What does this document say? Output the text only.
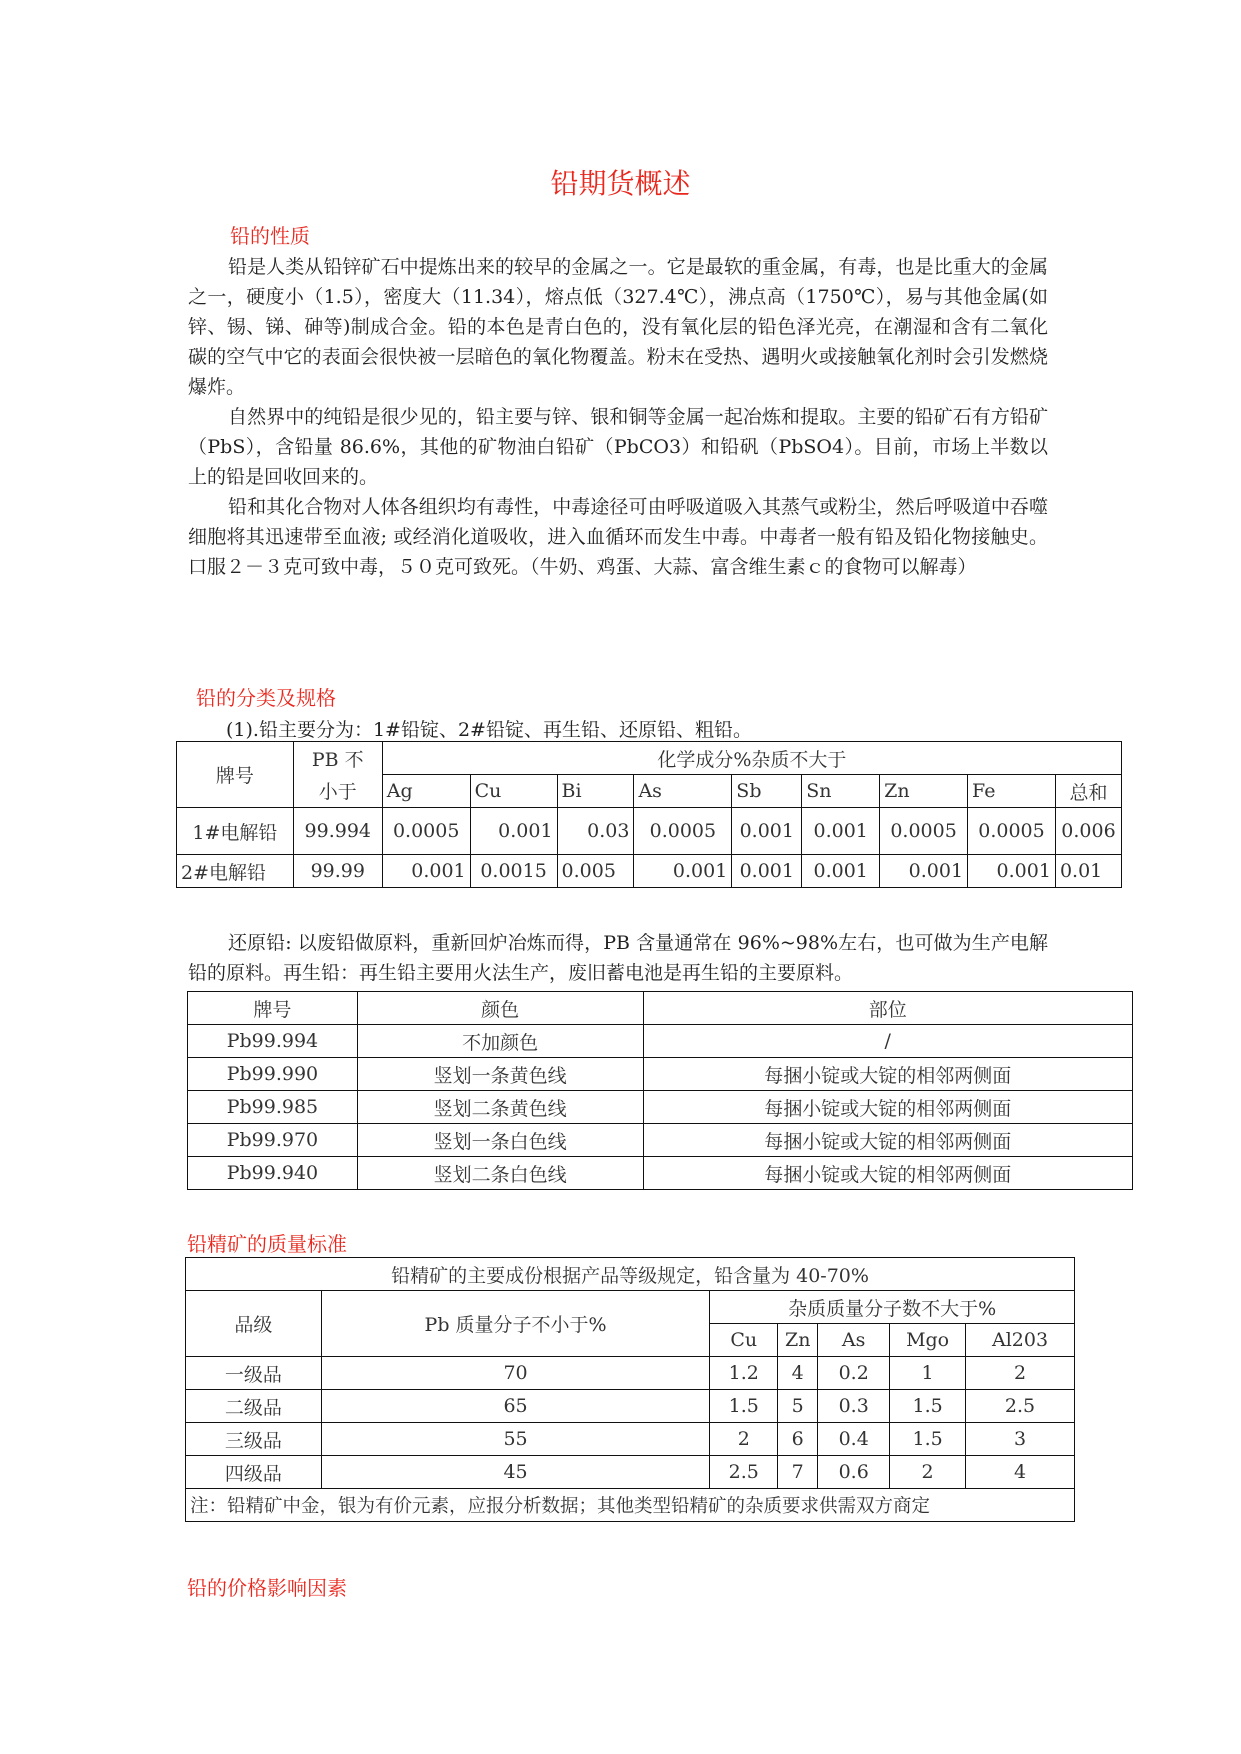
铅期货概述
铅的性质

铅是人类从铅锌矿石中提炼出来的较早的金属之一。它是最软的重金属，有毒，也是比重大的金属之一，硬度小（1.5），密度大（11.34），熔点低（327.4℃），沸点高（1750℃），易与其他金属(如锌、锡、锑、砷等)制成合金。铅的本色是青白色的，没有氧化层的铅色泽光亮，在潮湿和含有二氧化碳的空气中它的表面会很快被一层暗色的氧化物覆盖。粉末在受热、遇明火或接触氧化剂时会引发燃烧爆炸。

自然界中的纯铅是很少见的，铅主要与锌、银和铜等金属一起冶炼和提取。主要的铅矿石有方铅矿（PbS），含铅量 86.6%，其他的矿物油白铅矿（PbCO3）和铅矾（PbSO4）。目前，市场上半数以上的铅是回收回来的。

铅和其化合物对人体各组织均有毒性，中毒途径可由呼吸道吸入其蒸气或粉尘，然后呼吸道中吞噬细胞将其迅速带至血液; 或经消化道吸收，进入血循环而发生中毒。中毒者一般有铅及铅化物接触史。口服２－３克可致中毒，５０克可致死。（牛奶、鸡蛋、大蒜、富含维生素ｃ的食物可以解毒）

铅的分类及规格
(1).铅主要分为：1#铅锭、2#铅锭、再生铅、还原铅、粗铅。
牌号	PB 不	化学成分%杂质不大于								
	小于	Ag	Cu	Bi	As	Sb	Sn	Zn	Fe	总和
1#电解铅	99.994	0.0005	0.001	0.03	0.0005	0.001	0.001	0.0005	0.0005	0.006
2#电解铅	99.99	0.001	0.0015	0.005	0.001	0.001	0.001	0.001	0.001	0.01

还原铅: 以废铅做原料，重新回炉冶炼而得，PB 含量通常在 96%~98%左右，也可做为生产电解铅的原料。再生铅：再生铅主要用火法生产，废旧蓄电池是再生铅的主要原料。

牌号	颜色	部位
Pb99.994	不加颜色	/
Pb99.990	竖划一条黄色线	每捆小锭或大锭的相邻两侧面
Pb99.985	竖划二条黄色线	每捆小锭或大锭的相邻两侧面
Pb99.970	竖划一条白色线	每捆小锭或大锭的相邻两侧面
Pb99.940	竖划二条白色线	每捆小锭或大锭的相邻两侧面
铅精矿的质量标准
铅精矿的主要成份根据产品等级规定，铅含量为 40-70%						
品级	Pb 质量分子不小于%	杂质质量分子数不大于%				
		Cu	Zn	As	Mgo	Al203
一级品	70	1.2	4	0.2	1	2
二级品	65	1.5	5	0.3	1.5	2.5
三级品	55	2	6	0.4	1.5	3
四级品	45	2.5	7	0.6	2	4
注：铅精矿中金，银为有价元素，应报分析数据；其他类型铅精矿的杂质要求供需双方商定						
铅的价格影响因素
